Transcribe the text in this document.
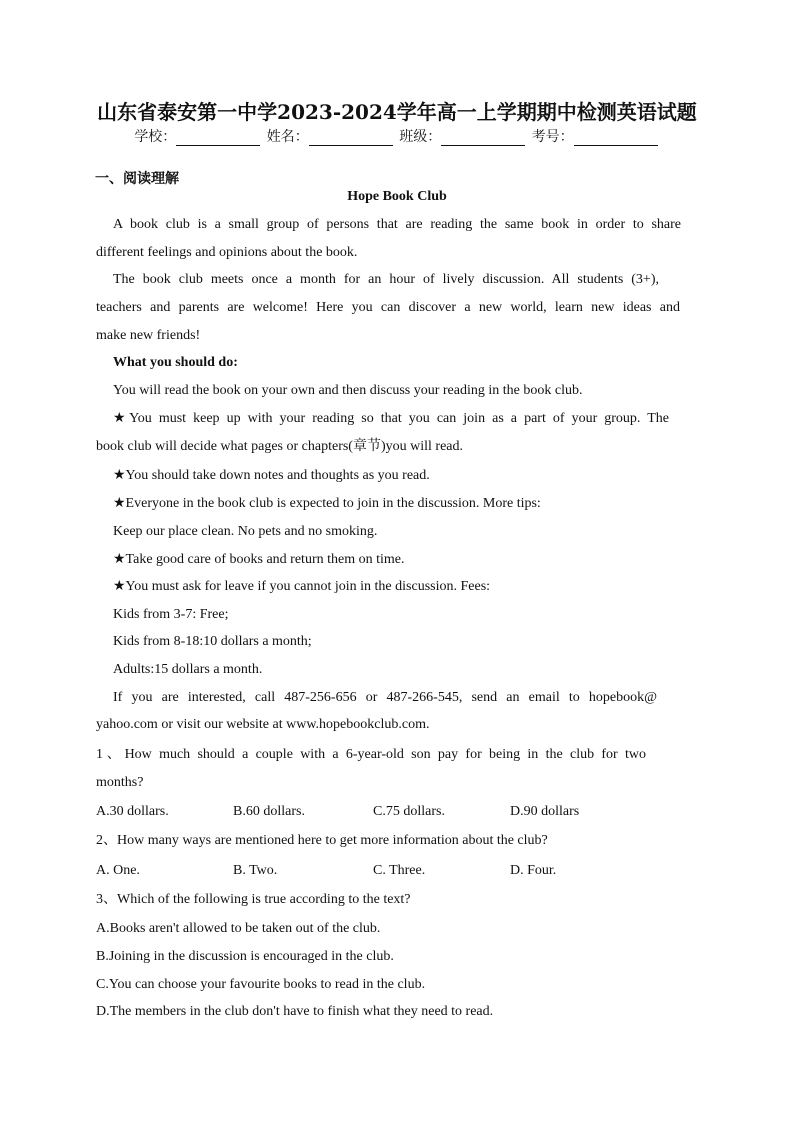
山东省泰安第一中学2023-2024学年高一上学期期中检测英语试题
学校：	姓名：	班级：	考号：
一、阅读理解
Hope Book Club
A book club is a small group of persons that are reading the same book in order to share
different feelings and opinions about the book.
The book club meets once a month for an hour of lively discussion. All students (3+),
teachers and parents are welcome! Here you can discover a new world, learn new ideas and
make new friends!
What you should do:
You will read the book on your own and then discuss your reading in the book club.
★You must keep up with your reading so that you can join as a part of your group. The
book club will decide what pages or chapters(章节)you will read.
★You should take down notes and thoughts as you read.
★Everyone in the book club is expected to join in the discussion. More tips:
Keep our place clean. No pets and no smoking.
★Take good care of books and return them on time.
★You must ask for leave if you cannot join in the discussion. Fees:
Kids from 3-7: Free;
Kids from 8-18:10 dollars a month;
Adults:15 dollars a month.
If you are interested, call 487-256-656 or 487-266-545, send an email to hopebook@
yahoo.com or visit our website at www.hopebookclub.com.
1、How much should a couple with a 6-year-old son pay for being in the club for two
months?
A.30 dollars.	B.60 dollars.	C.75 dollars.	D.90 dollars
2、How many ways are mentioned here to get more information about the club?
A. One.	B. Two.	C. Three.	D. Four.
3、Which of the following is true according to the text?
A.Books aren't allowed to be taken out of the club.
B.Joining in the discussion is encouraged in the club.
C.You can choose your favourite books to read in the club.
D.The members in the club don't have to finish what they need to read.
